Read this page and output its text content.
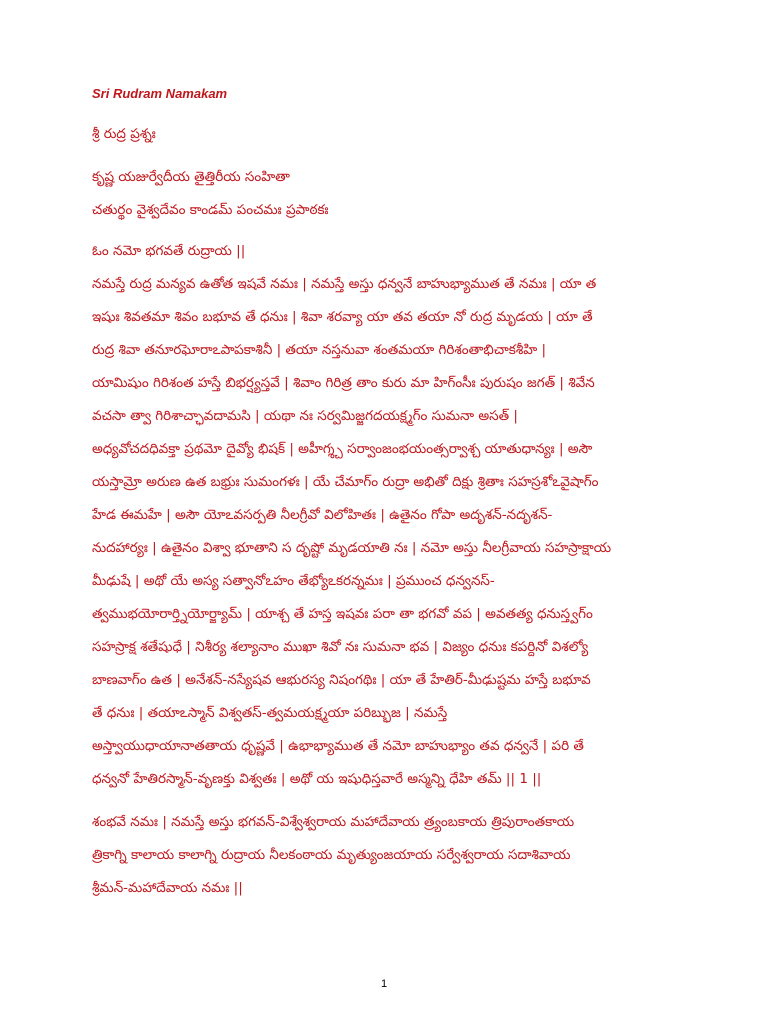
Sri Rudram Namakam
శ్రీ రుద్ర ప్రశ్నః
కృష్ణ యజుర్వేదీయ తైత్తిరీయ సంహితా
చతుర్థం వైశ్వదేవం కాండమ్ పంచమః ప్రపాఠకః
ఓం నమో భగవతే రుద్రాయ ||
నమస్తే రుద్ర మన్యవ ఉతోత ఇషవే నమః | నమస్తే అస్తు ధన్వనే బాహుభ్యాముత తే నమః | యా త
ఇషుః శివతమా శివం బభూవ తే ధనుః | శివా శరవ్యా యా తవ తయా నో రుద్ర మృడయ | యా తే
రుద్ర శివా తనూరఘోరాఽపాపకాశినీ | తయా నస్తనువా శంతమయా గిరిశంతాభిచాకశీహి |
యామిషుం గిరిశంత హస్తే బిభర్ష్యస్తవే | శివాం గిరిత్ర తాం కురు మా హిగ్ంసీః పురుషం జగత్ | శివేన
వచసా త్వా గిరిశాచ్ఛావదామసి | యథా నః సర్వమిజ్జగదయక్ష్మగ్ం సుమనా అసత్ |
అధ్యవోచదధివక్తా ప్రథమో దైవ్యో భిషక్ | అహీగ్శ్చ సర్వాంజంభయంత్సర్వాశ్చ యాతుధాన్యః | అసౌ
యస్తామ్రో అరుణ ఉత బభ్రుః సుమంగళః | యే చేమాగ్ం రుద్రా అభితో దిక్షు శ్రితాః సహస్రశోఽవైషాగ్ం
హేడ ఈమహే | అసౌ యోఽవసర్పతి నీలగ్రీవో విలోహితః | ఉతైనం గోపా అదృశన్-నదృశన్-
నుదహార్యః | ఉతైనం విశ్వా భూతాని స దృష్టో మృడయాతి నః | నమో అస్తు నీలగ్రీవాయ సహస్రాక్షాయ
మీఢుషే | అథో యే అస్య సత్వానోఽహం తేభ్యోఽకరన్నమః | ప్రముంచ ధన్వనస్-
త్వముభయోరార్త్నియోర్జ్యామ్ | యాశ్చ తే హస్త ఇషవః పరా తా భగవో వప | అవతత్య ధనుస్త్వగ్ం
సహస్రాక్ష శతేషుధే | నిశీర్య శల్యానాం ముఖా శివో నః సుమనా భవ | విజ్యం ధనుః కపర్దినో విశల్యో
బాణవాగ్ం ఉత | అనేశన్-నస్యేషవ ఆభురస్య నిషంగథిః | యా తే హేతిర్-మీఢుష్టమ హస్తే బభూవ
తే ధనుః | తయాఽస్మాన్ విశ్వతస్-త్వమయక్ష్మయా పరిబ్భుజ | నమస్తే
అస్త్వాయుధాయానాతతాయ ధృష్ణవే | ఉభాభ్యాముత తే నమో బాహుభ్యాం తవ ధన్వనే | పరి తే
ధన్వనో హేతిరస్మాన్-వృణక్తు విశ్వతః | అథో య ఇషుధిస్తవారే అస్మన్ని ధేహి తమ్ || 1 ||
శంభవే నమః | నమస్తే అస్తు భగవన్-విశ్వేశ్వరాయ మహాదేవాయ త్ర్యంబకాయ త్రిపురాంతకాయ
త్రికాగ్ని కాలాయ కాలాగ్ని రుద్రాయ నీలకంఠాయ మృత్యుంజయాయ సర్వేశ్వరాయ సదాశివాయ
శ్రీమన్-మహాదేవాయ నమః ||
1
